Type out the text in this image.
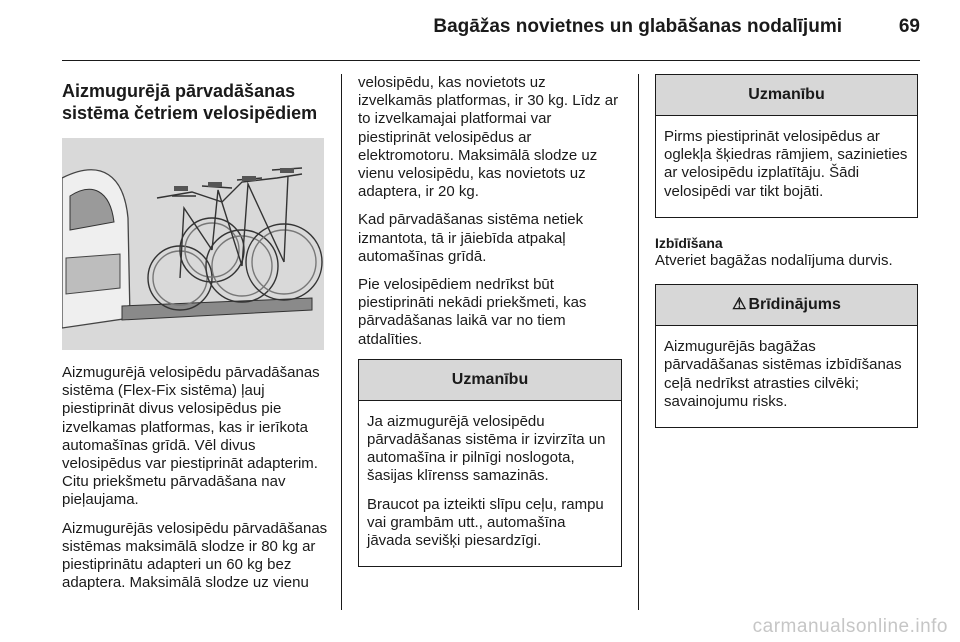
Bagāžas novietnes un glabāšanas nodalījumi	69
Aizmugurējā pārvadāšanas
sistēma četriem velosipēdiem

Aizmugurējā velosipēdu pārvadāšanas sistēma (Flex-Fix sistēma) ļauj piestiprināt divus velosipēdus pie izvelkamas platformas, kas ir ierīkota automašīnas grīdā. Vēl divus velosipēdus var piestiprināt adapterim. Citu priekšmetu pārvadāšana nav pieļaujama.

Aizmugurējās velosipēdu pārvadāšanas sistēmas maksimālā slodze ir 80 kg ar piestiprinātu adapteri un 60 kg bez adaptera. Maksimālā slodze uz vienu

velosipēdu, kas novietots uz izvelkamās platformas, ir 30 kg. Līdz ar to izvelkamajai platformai var piestiprināt velosipēdus ar elektromotoru. Maksimālā slodze uz vienu velosipēdu, kas novietots uz adaptera, ir 20 kg.

Kad pārvadāšanas sistēma netiek izmantota, tā ir jāiebīda atpakaļ automašīnas grīdā.

Pie velosipēdiem nedrīkst būt piestiprināti nekādi priekšmeti, kas pārvadāšanas laikā var no tiem atdalīties.

Uzmanību

Ja aizmugurējā velosipēdu pārvadāšanas sistēma ir izvirzīta un automašīna ir pilnīgi noslogota, šasijas klīrenss samazinās.

Braucot pa izteikti slīpu ceļu, rampu vai grambām utt., automašīna jāvada sevišķi piesardzīgi.

Uzmanību

Pirms piestiprināt velosipēdus ar oglekļa šķiedras rāmjiem, sazinieties ar velosipēdu izplatītāju. Šādi velosipēdi var tikt bojāti.

Izbīdīšana

Atveriet bagāžas nodalījuma durvis.

⚠ Brīdinājums

Aizmugurējās bagāžas pārvadāšanas sistēmas izbīdīšanas ceļā nedrīkst atrasties cilvēki; savainojumu risks.

carmanualsonline.info
